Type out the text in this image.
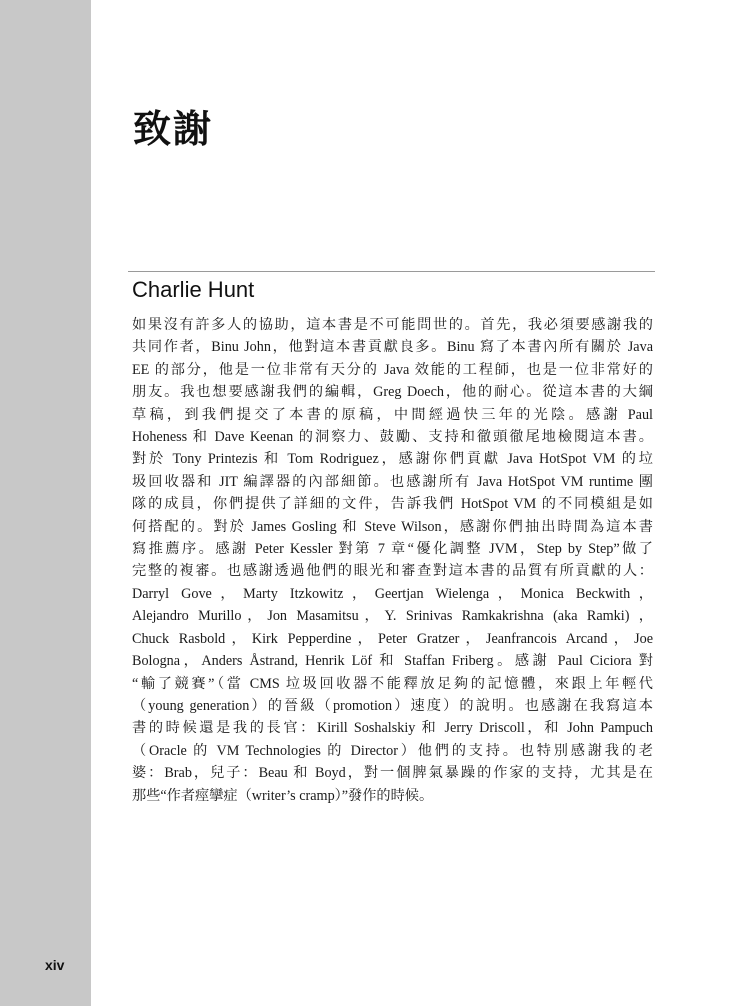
xiv
致謝
Charlie Hunt
如果沒有許多人的協助，這本書是不可能問世的。首先，我必須要感謝我的
共同作者，Binu John，他對這本書貢獻良多。Binu 寫了本書內所有關於 Java
EE 的部分，他是一位非常有天分的 Java 效能的工程師，也是一位非常好的
朋友。我也想要感謝我們的編輯，Greg Doech，他的耐心。從這本書的大綱
草稿，到我們提交了本書的原稿，中間經過快三年的光陰。感謝 Paul
Hoheness 和 Dave Keenan 的洞察力、鼓勵、支持和徹頭徹尾地檢閱這本書。
對於 Tony Printezis 和 Tom Rodriguez，感謝你們貢獻 Java HotSpot VM 的垃
圾回收器和 JIT 編譯器的內部細節。也感謝所有 Java HotSpot VM runtime 團
隊的成員，你們提供了詳細的文件，告訴我們 HotSpot VM 的不同模組是如
何搭配的。對於 James Gosling 和 Steve Wilson，感謝你們抽出時間為這本書
寫推薦序。感謝 Peter Kessler 對第 7 章“優化調整 JVM，Step by Step”做了
完整的複審。也感謝透過他們的眼光和審查對這本書的品質有所貢獻的人：
Darryl Gove，Marty Itzkowitz，Geertjan Wielenga，Monica Beckwith，
Alejandro Murillo，Jon Masamitsu，Y. Srinivas Ramkakrishna (aka Ramki) ，
Chuck Rasbold，Kirk Pepperdine，Peter Gratzer，Jeanfrancois Arcand，Joe
Bologna，Anders Åstrand, Henrik Löf 和 Staffan Friberg。感謝 Paul Ciciora 對
“輸了競賽”（當 CMS 垃圾回收器不能釋放足夠的記憶體，來跟上年輕代
（young generation）的晉級（promotion）速度）的說明。也感謝在我寫這本
書的時候還是我的長官：Kirill Soshalskiy 和 Jerry Driscoll，和 John Pampuch
（Oracle 的 VM Technologies 的 Director）他們的支持。也特別感謝我的老
婆：Brab，兒子：Beau 和 Boyd，對一個脾氣暴躁的作家的支持，尤其是在
那些“作者痙攣症（writer’s cramp）”發作的時候。
